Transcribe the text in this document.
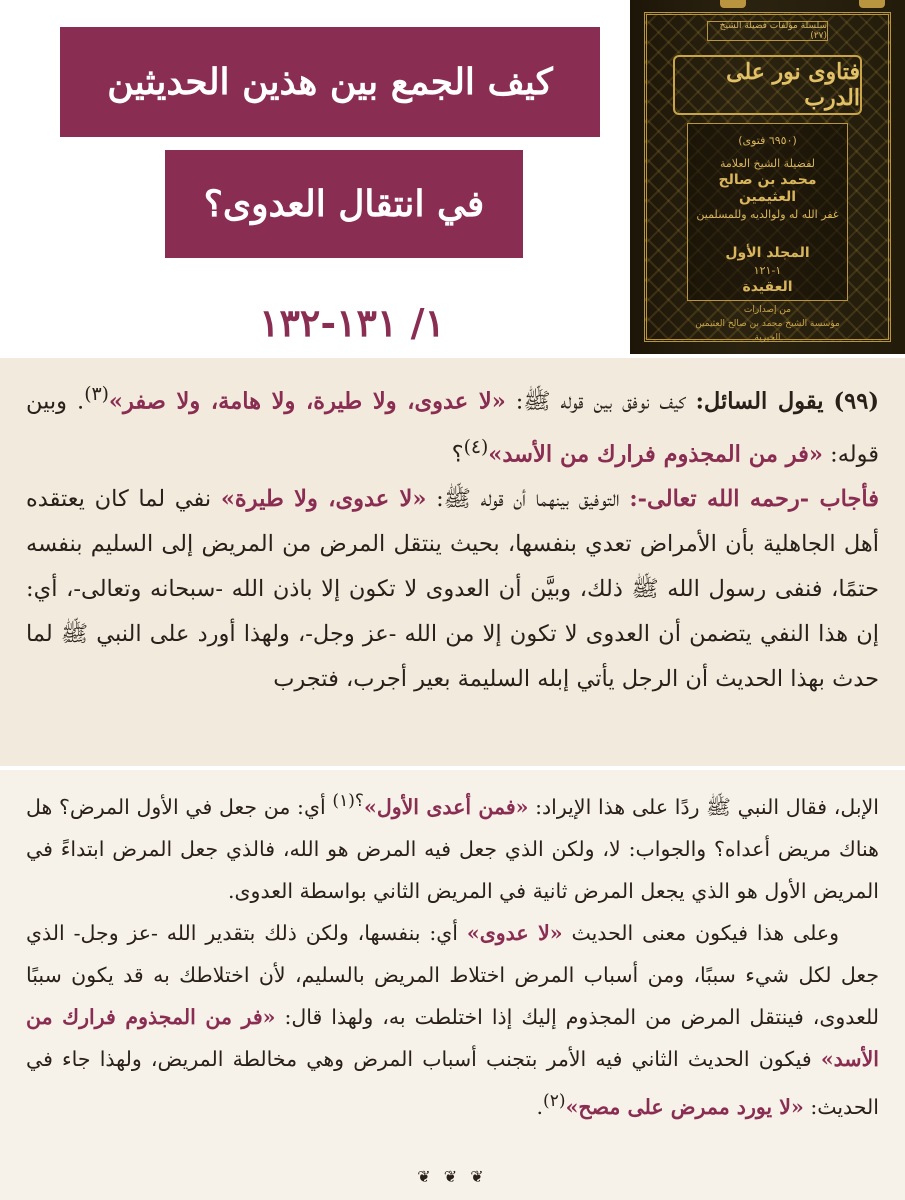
كيف الجمع بين هذين الحديثين
في انتقال العدوى؟
١/ ١٣١-١٣٢
سلسلة مؤلفات فضيلة الشيخ (٢٧)
فتاوى نور على الدرب
(٦٩٥٠ فتوى)
لفضيلة الشيخ العلامة
محمد بن صالح العثيمين
غفر الله له ولوالديه وللمسلمين
المجلد الأول
١-١٢١
العقيدة
من إصدارات
مؤسسة الشيخ محمد بن صالح العثيمين الخيرية

(٩٩) يقول السائل: كيف نوفق بين قوله ﷺ: «لا عدوى، ولا طيرة، ولا هامة، ولا صفر»$^{(٣)}$. وبين قوله: «فر من المجذوم فرارك من الأسد»$^{(٤)}$؟

فأجاب -رحمه الله تعالى-: التوفيق بينهما أن قوله ﷺ: «لا عدوى، ولا طيرة» نفي لما كان يعتقده أهل الجاهلية بأن الأمراض تعدي بنفسها، بحيث ينتقل المرض من المريض إلى السليم بنفسه حتمًا، فنفى رسول الله ﷺ ذلك، وبيَّن أن العدوى لا تكون إلا باذن الله -سبحانه وتعالى-، أي: إن هذا النفي يتضمن أن العدوى لا تكون إلا من الله -عز وجل-، ولهذا أورد على النبي ﷺ لما حدث بهذا الحديث أن الرجل يأتي إبله السليمة بعير أجرب، فتجرب

الإبل، فقال النبي ﷺ ردًا على هذا الإيراد: «فمن أعدى الأول»$^{؟(١)}$ أي: من جعل في الأول المرض؟ هل هناك مريض أعداه؟ والجواب: لا، ولكن الذي جعل فيه المرض هو الله، فالذي جعل المرض ابتداءً في المريض الأول هو الذي يجعل المرض ثانية في المريض الثاني بواسطة العدوى.

وعلى هذا فيكون معنى الحديث «لا عدوى» أي: بنفسها، ولكن ذلك بتقدير الله -عز وجل- الذي جعل لكل شيء سببًا، ومن أسباب المرض اختلاط المريض بالسليم، لأن اختلاطك به قد يكون سببًا للعدوى، فينتقل المرض من المجذوم إليك إذا اختلطت به، ولهذا قال: «فر من المجذوم فرارك من الأسد» فيكون الحديث الثاني فيه الأمر بتجنب أسباب المرض وهي مخالطة المريض، ولهذا جاء في الحديث: «لا يورد ممرض على مصح»$^{(٢)}$.

❦ ❦ ❦
